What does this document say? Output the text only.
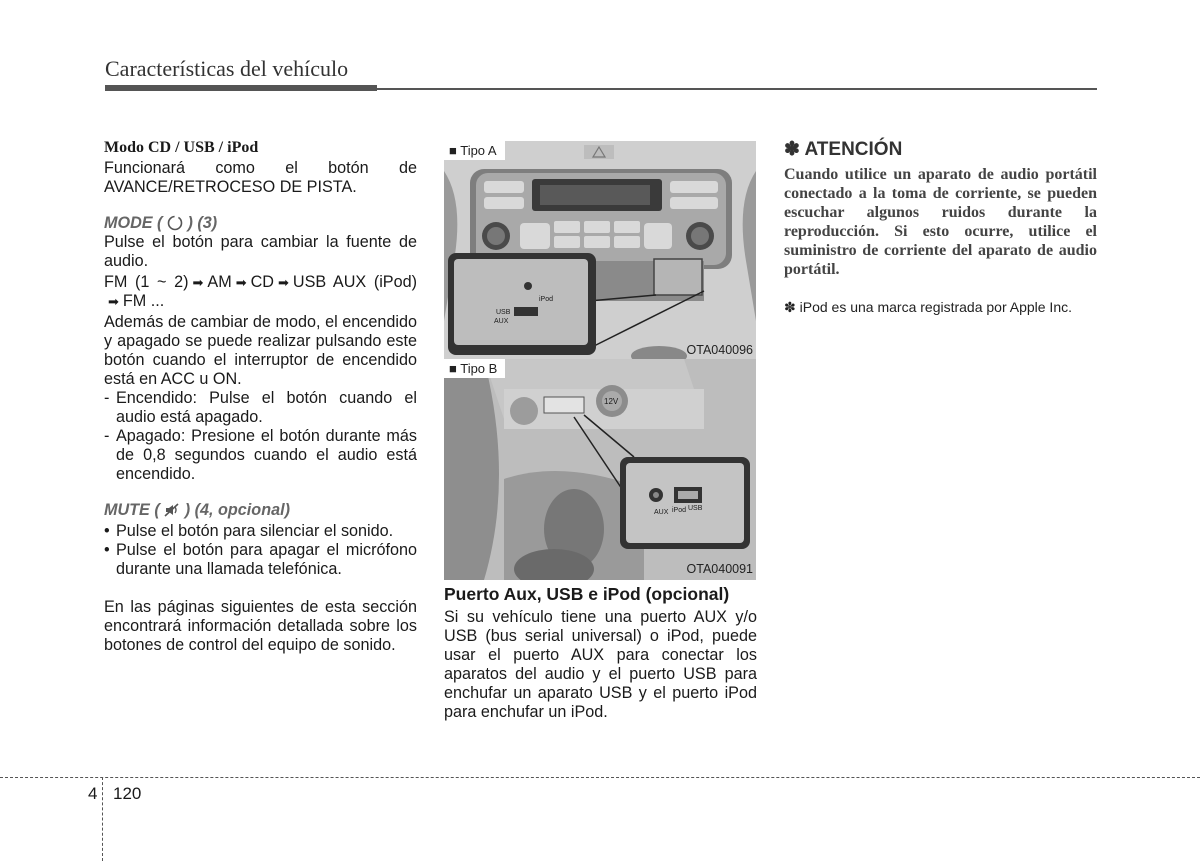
Características del vehículo

Modo CD / USB / iPod

Funcionará como el botón de AVANCE/RETROCESO DE PISTA.

MODE ( ) (3)

Pulse el botón para cambiar la fuente de audio.

FM (1 ~ 2) ➡ AM ➡ CD ➡ USB AUX (iPod)➡ FM ...

Además de cambiar de modo, el encendido y apagado se puede realizar pulsando este botón cuando el interruptor de encendido está en ACC u ON.

- Encendido: Pulse el botón cuando el audio está apagado.
- Apagado: Presione el botón durante más de 0,8 segundos cuando el audio está encendido.

MUTE ( ) (4, opcional)

• Pulse el botón para silenciar el sonido.
• Pulse el botón para apagar el micrófono durante una llamada telefónica.

En las páginas siguientes de esta sección encontrará información detallada sobre los botones de control del equipo de sonido.

AUX
iPod
USB
■ Tipo A
OTA040096
12V
AUX iPod USB
■ Tipo B
OTA040091

Puerto Aux, USB e iPod (opcional)

Si su vehículo tiene una puerto AUX y/o USB (bus serial universal) o iPod, puede usar el puerto AUX para conectar los aparatos del audio y el puerto USB para enchufar un aparato USB y el puerto iPod para enchufar un iPod.

✽ ATENCIÓN

Cuando utilice un aparato de audio portátil conectado a la toma de corriente, se pueden escuchar algunos ruidos durante la reproducción. Si esto ocurre, utilice el suministro de corriente del aparato de audio portátil.

✽ iPod es una marca registrada por Apple Inc.

4 120
